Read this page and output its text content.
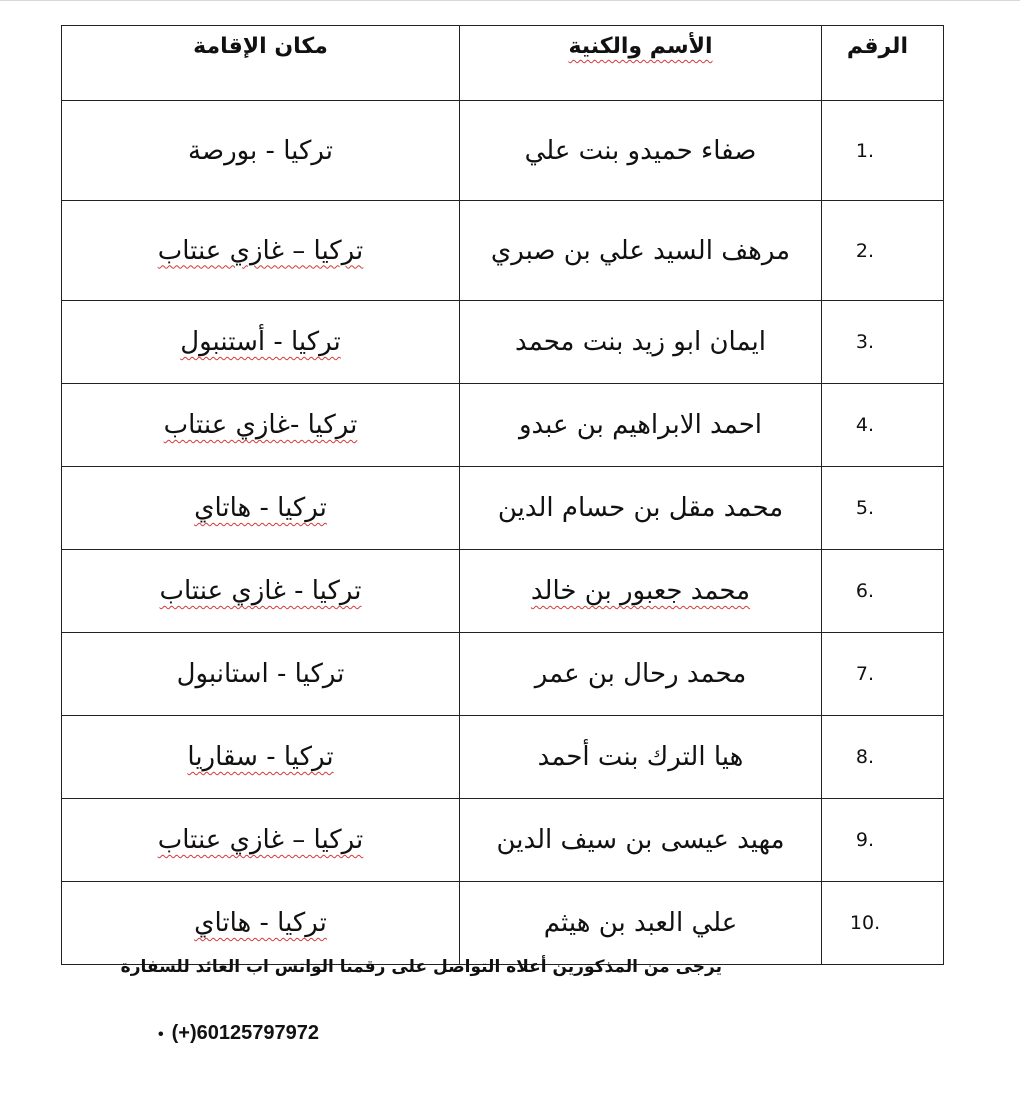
الرقم	الأسم والكنية	مكان الإقامة
1.	صفاء حميدو بنت علي	تركيا - بورصة
2.	مرهف السيد علي بن صبري	تركيا – غازي عنتاب
3.	ايمان ابو زيد بنت محمد	تركيا - أستنبول
4.	احمد الابراهيم بن عبدو	تركيا -غازي عنتاب
5.	محمد مقل بن حسام الدين	تركيا - هاتاي
6.	محمد جعبور بن خالد	تركيا - غازي عنتاب
7.	محمد رحال بن عمر	تركيا - استانبول
8.	هيا الترك بنت أحمد	تركيا - سقاريا
9.	مهيد عيسى بن سيف الدين	تركيا – غازي عنتاب
10.	علي العبد بن هيثم	تركيا - هاتاي
يرجى من المذكورين أعلاه التواصل على رقمنا الواتس اب العائد للسفارة
• (+)60125797972
